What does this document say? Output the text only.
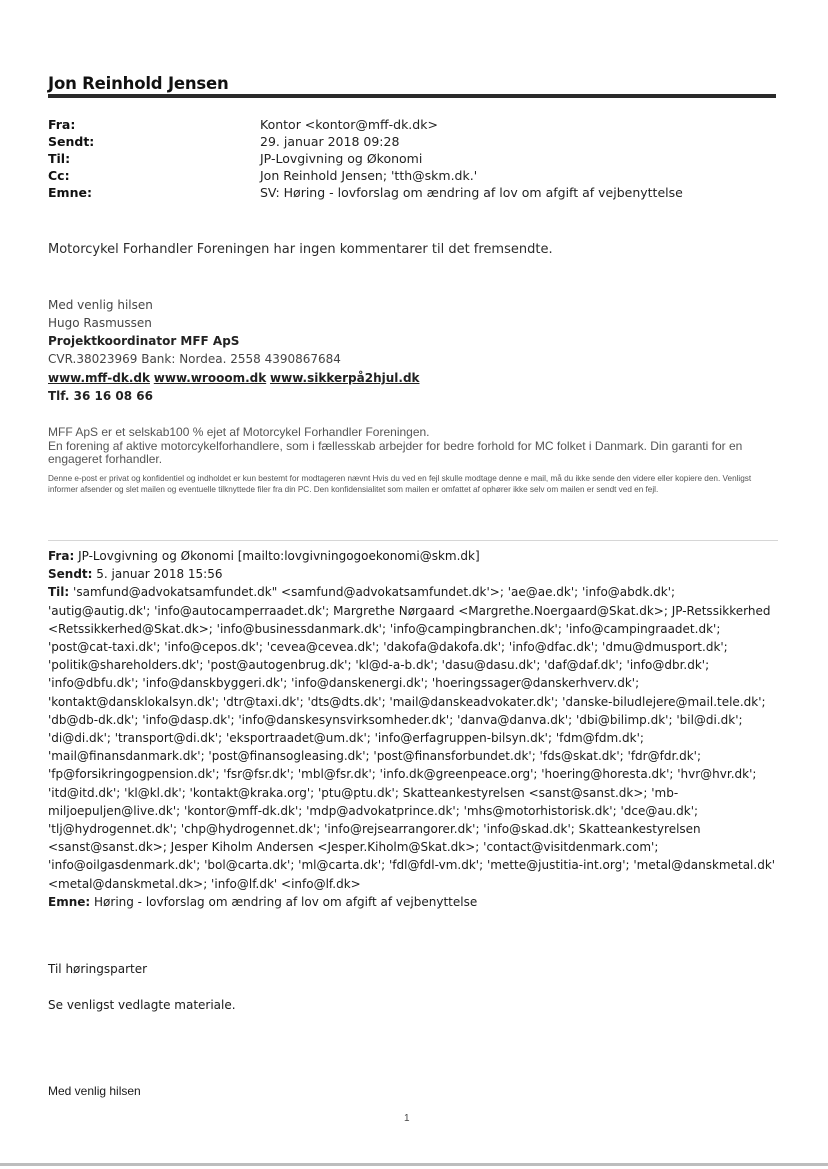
Jon Reinhold Jensen
Fra:	Kontor <kontor@mff-dk.dk>
Sendt:	29. januar 2018 09:28
Til:	JP-Lovgivning og Økonomi
Cc:	Jon Reinhold Jensen; 'tth@skm.dk.'
Emne:	SV: Høring - lovforslag om ændring af lov om afgift af vejbenyttelse
Motorcykel Forhandler Foreningen har ingen kommentarer til det fremsendte.
Med venlig hilsen
Hugo Rasmussen
Projektkoordinator MFF ApS
CVR.38023969 Bank: Nordea. 2558 4390867684
www.mff-dk.dk www.wrooom.dk www.sikkerpå2hjul.dk
Tlf. 36 16 08 66
MFF ApS er et selskab100 % ejet af Motorcykel Forhandler Foreningen.
En forening af aktive motorcykelforhandlere, som i fællesskab arbejder for bedre forhold for MC folket i Danmark. Din garanti for en engageret forhandler.
Denne e-post er privat og konfidentiel og indholdet er kun bestemt for modtageren nævnt Hvis du ved en fejl skulle modtage denne e mail, må du ikke sende den videre eller kopiere den. Venligst informer afsender og slet mailen og eventuelle tilknyttede filer fra din PC. Den konfidensialitet som mailen er omfattet af ophører ikke selv om mailen er sendt ved en fejl.
Fra: JP-Lovgivning og Økonomi [mailto:lovgivningogoekonomi@skm.dk]
Sendt: 5. januar 2018 15:56
Til: 'samfund@advokatsamfundet.dk" <samfund@advokatsamfundet.dk'>; 'ae@ae.dk'; 'info@abdk.dk'; 'autig@autig.dk'; 'info@autocamperraadet.dk'; Margrethe Nørgaard <Margrethe.Noergaard@Skat.dk>; JP-Retssikkerhed <Retssikkerhed@Skat.dk>; 'info@businessdanmark.dk'; 'info@campingbranchen.dk'; 'info@campingraadet.dk'; 'post@cat-taxi.dk'; 'info@cepos.dk'; 'cevea@cevea.dk'; 'dakofa@dakofa.dk'; 'info@dfac.dk'; 'dmu@dmusport.dk'; 'politik@shareholders.dk'; 'post@autogenbrug.dk'; 'kl@d-a-b.dk'; 'dasu@dasu.dk'; 'daf@daf.dk'; 'info@dbr.dk'; 'info@dbfu.dk'; 'info@danskbyggeri.dk'; 'info@danskenergi.dk'; 'hoeringssager@danskerhverv.dk'; 'kontakt@dansklokalsyn.dk'; 'dtr@taxi.dk'; 'dts@dts.dk'; 'mail@danskeadvokater.dk'; 'danske-biludlejere@mail.tele.dk'; 'db@db-dk.dk'; 'info@dasp.dk'; 'info@danskesynsvirksomheder.dk'; 'danva@danva.dk'; 'dbi@bilimp.dk'; 'bil@di.dk'; 'di@di.dk'; 'transport@di.dk'; 'eksportraadet@um.dk'; 'info@erfagruppen-bilsyn.dk'; 'fdm@fdm.dk'; 'mail@finansdanmark.dk'; 'post@finansogleasing.dk'; 'post@finansforbundet.dk'; 'fds@skat.dk'; 'fdr@fdr.dk'; 'fp@forsikringogpension.dk'; 'fsr@fsr.dk'; 'mbl@fsr.dk'; 'info.dk@greenpeace.org'; 'hoering@horesta.dk'; 'hvr@hvr.dk'; 'itd@itd.dk'; 'kl@kl.dk'; 'kontakt@kraka.org'; 'ptu@ptu.dk'; Skatteankestyrelsen <sanst@sanst.dk>; 'mb-miljoepuljen@live.dk'; 'kontor@mff-dk.dk'; 'mdp@advokatprince.dk'; 'mhs@motorhistorisk.dk'; 'dce@au.dk'; 'tlj@hydrogennet.dk'; 'chp@hydrogennet.dk'; 'info@rejsearrangorer.dk'; 'info@skad.dk'; Skatteankestyrelsen <sanst@sanst.dk>; Jesper Kiholm Andersen <Jesper.Kiholm@Skat.dk>; 'contact@visitdenmark.com'; 'info@oilgasdenmark.dk'; 'bol@carta.dk'; 'ml@carta.dk'; 'fdl@fdl-vm.dk'; 'mette@justitia-int.org'; 'metal@danskmetal.dk' <metal@danskmetal.dk>; 'info@lf.dk' <info@lf.dk>
Emne: Høring - lovforslag om ændring af lov om afgift af vejbenyttelse
Til høringsparter
Se venligst vedlagte materiale.
Med venlig hilsen
1
